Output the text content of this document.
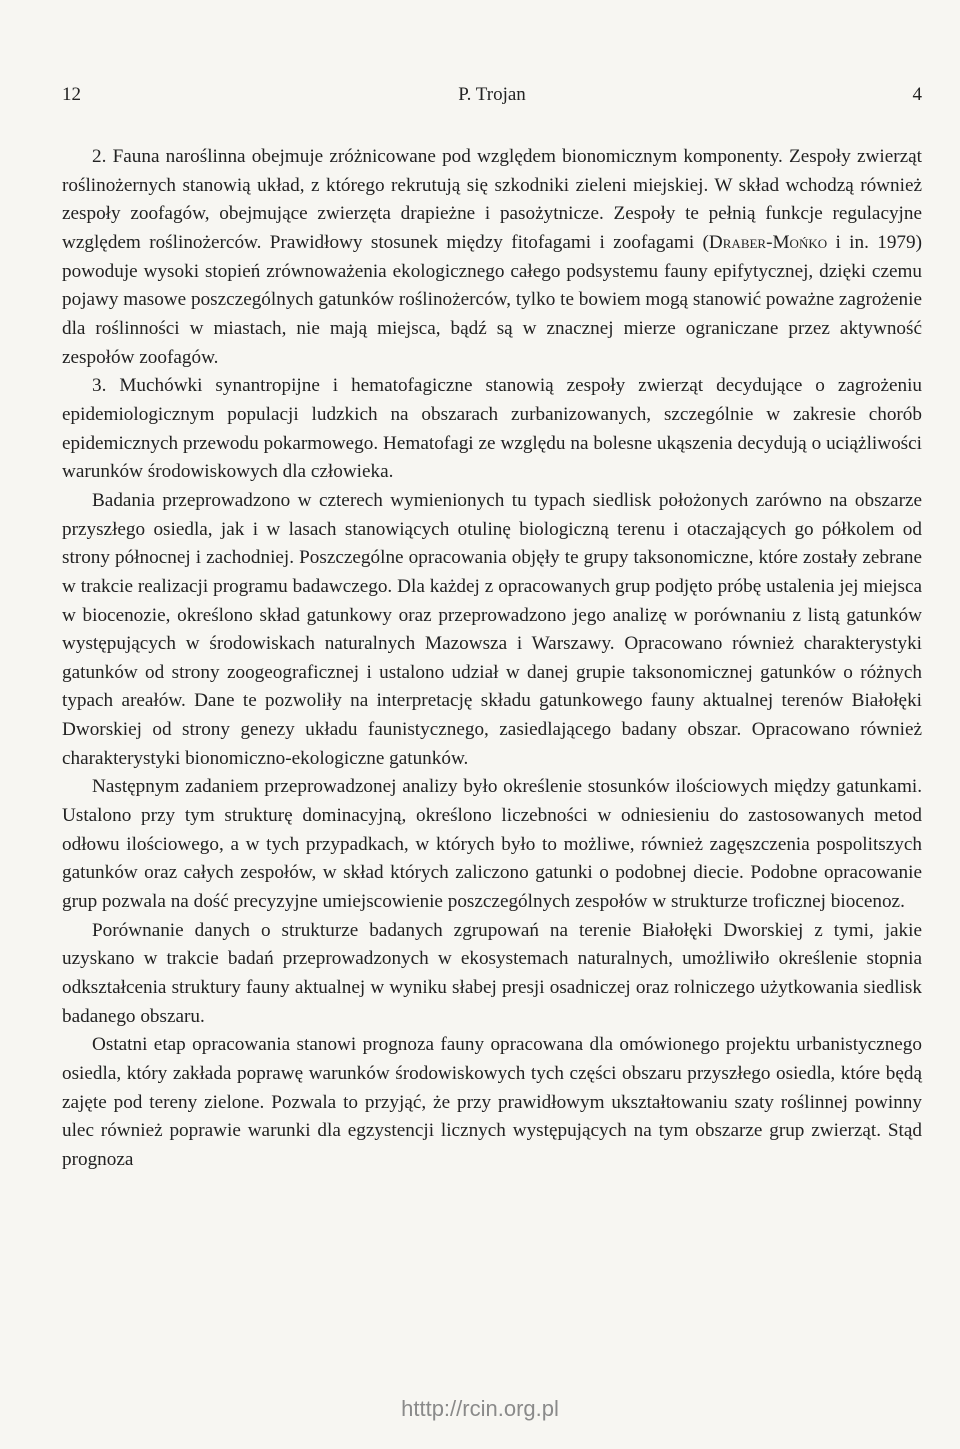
12	P. Trojan	4

2. Fauna naroślinna obejmuje zróżnicowane pod względem bionomicznym komponenty. Zespoły zwierząt roślinożernych stanowią układ, z którego rekrutują się szkodniki zieleni miejskiej. W skład wchodzą również zespoły zoofagów, obejmujące zwierzęta drapieżne i pasożytnicze. Zespoły te pełnią funkcje regulacyjne względem roślinożerców. Prawidłowy stosunek między fitofagami i zoofagami (Draber-Mońko i in. 1979) powoduje wysoki stopień zrównoważenia ekologicznego całego podsystemu fauny epifytycznej, dzięki czemu pojawy masowe poszczególnych gatunków roślinożerców, tylko te bowiem mogą stanowić poważne zagrożenie dla roślinności w miastach, nie mają miejsca, bądź są w znacznej mierze ograniczane przez aktywność zespołów zoofagów.

3. Muchówki synantropijne i hematofagiczne stanowią zespoły zwierząt decydujące o zagrożeniu epidemiologicznym populacji ludzkich na obszarach zurbanizowanych, szczególnie w zakresie chorób epidemicznych przewodu pokarmowego. Hematofagi ze względu na bolesne ukąszenia decydują o uciążliwości warunków środowiskowych dla człowieka.

Badania przeprowadzono w czterech wymienionych tu typach siedlisk położonych zarówno na obszarze przyszłego osiedla, jak i w lasach stanowiących otulinę biologiczną terenu i otaczających go półkolem od strony północnej i zachodniej. Poszczególne opracowania objęły te grupy taksonomiczne, które zostały zebrane w trakcie realizacji programu badawczego. Dla każdej z opracowanych grup podjęto próbę ustalenia jej miejsca w biocenozie, określono skład gatunkowy oraz przeprowadzono jego analizę w porównaniu z listą gatunków występujących w środowiskach naturalnych Mazowsza i Warszawy. Opracowano również charakterystyki gatunków od strony zoogeograficznej i ustalono udział w danej grupie taksonomicznej gatunków o różnych typach areałów. Dane te pozwoliły na interpretację składu gatunkowego fauny aktualnej terenów Białołęki Dworskiej od strony genezy układu faunistycznego, zasiedlającego badany obszar. Opracowano również charakterystyki bionomiczno-ekologiczne gatunków.

Następnym zadaniem przeprowadzonej analizy było określenie stosunków ilościowych między gatunkami. Ustalono przy tym strukturę dominacyjną, określono liczebności w odniesieniu do zastosowanych metod odłowu ilościowego, a w tych przypadkach, w których było to możliwe, również zagęszczenia pospolitszych gatunków oraz całych zespołów, w skład których zaliczono gatunki o podobnej diecie. Podobne opracowanie grup pozwala na dość precyzyjne umiejscowienie poszczególnych zespołów w strukturze troficznej biocenoz.

Porównanie danych o strukturze badanych zgrupowań na terenie Białołęki Dworskiej z tymi, jakie uzyskano w trakcie badań przeprowadzonych w ekosystemach naturalnych, umożliwiło określenie stopnia odkształcenia struktury fauny aktualnej w wyniku słabej presji osadniczej oraz rolniczego użytkowania siedlisk badanego obszaru.

Ostatni etap opracowania stanowi prognoza fauny opracowana dla omówionego projektu urbanistycznego osiedla, który zakłada poprawę warunków środowiskowych tych części obszaru przyszłego osiedla, które będą zajęte pod tereny zielone. Pozwala to przyjąć, że przy prawidłowym ukształtowaniu szaty roślinnej powinny ulec również poprawie warunki dla egzystencji licznych występujących na tym obszarze grup zwierząt. Stąd prognoza

htttp://rcin.org.pl
